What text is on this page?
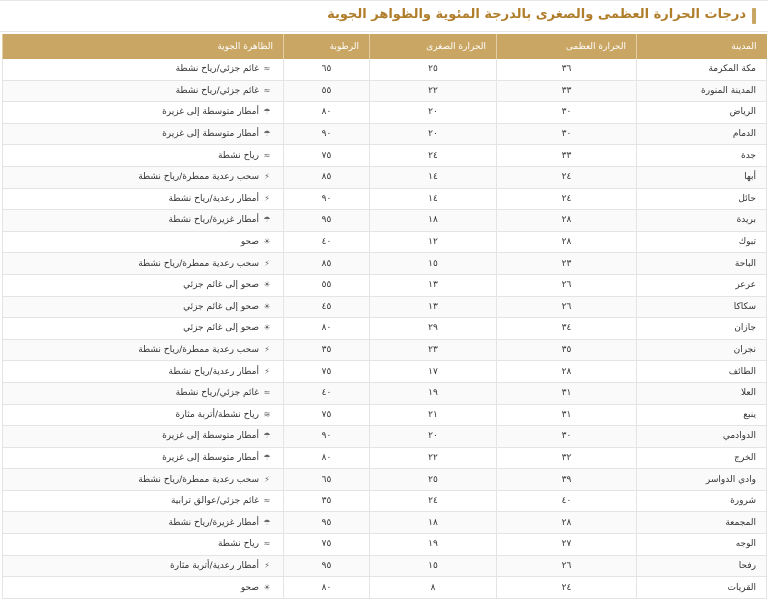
درجات الحرارة العظمى والصغرى بالدرجة المئوية والظواهر الجوية
المدينة	الحرارة العظمى	الحرارة الصغرى	الرطوبة	الظاهرة الجوية
مكة المكرمة	٣٦	٢٥	٦٥	≈غائم جزئي/رياح نشطة
المدينة المنورة	٣٣	٢٢	٥٥	≈غائم جزئي/رياح نشطة
الرياض	٣٠	٢٠	٨٠	☂أمطار متوسطة إلى غزيرة
الدمام	٣٠	٢٠	٩٠	☂أمطار متوسطة إلى غزيرة
جدة	٣٣	٢٤	٧٥	≈رياح نشطة
أبها	٢٤	١٤	٨٥	⚡سحب رعدية ممطرة/رياح نشطة
حائل	٢٤	١٤	٩٠	⚡أمطار رعدية/رياح نشطة
بريدة	٢٨	١٨	٩٥	☂أمطار غزيرة/رياح نشطة
تبوك	٢٨	١٢	٤٠	☀صحو
الباحة	٢٣	١٥	٨٥	⚡سحب رعدية ممطرة/رياح نشطة
عرعر	٢٦	١٣	٥٥	☀صحو إلى غائم جزئي
سكاكا	٢٦	١٣	٤٥	☀صحو إلى غائم جزئي
جازان	٣٤	٢٩	٨٠	☀صحو إلى غائم جزئي
نجران	٣٥	٢٣	٣٥	⚡سحب رعدية ممطرة/رياح نشطة
الطائف	٢٨	١٧	٧٥	⚡أمطار رعدية/رياح نشطة
العلا	٣١	١٩	٤٠	≈غائم جزئي/رياح نشطة
ينبع	٣١	٢١	٧٥	≋رياح نشطة/أتربة مثارة
الدوادمي	٣٠	٢٠	٩٠	☂أمطار متوسطة إلى غزيرة
الخرج	٣٢	٢٢	٨٠	☂أمطار متوسطة إلى غزيرة
وادي الدواسر	٣٩	٢٥	٦٥	⚡سحب رعدية ممطرة/رياح نشطة
شرورة	٤٠	٢٤	٣٥	≈غائم جزئي/عوالق ترابية
المجمعة	٢٨	١٨	٩٥	☂أمطار غزيرة/رياح نشطة
الوجه	٢٧	١٩	٧٥	≈رياح نشطة
رفحا	٢٦	١٥	٩٥	⚡أمطار رعدية/أتربة مثارة
القريات	٢٤	٨	٨٠	☀صحو
